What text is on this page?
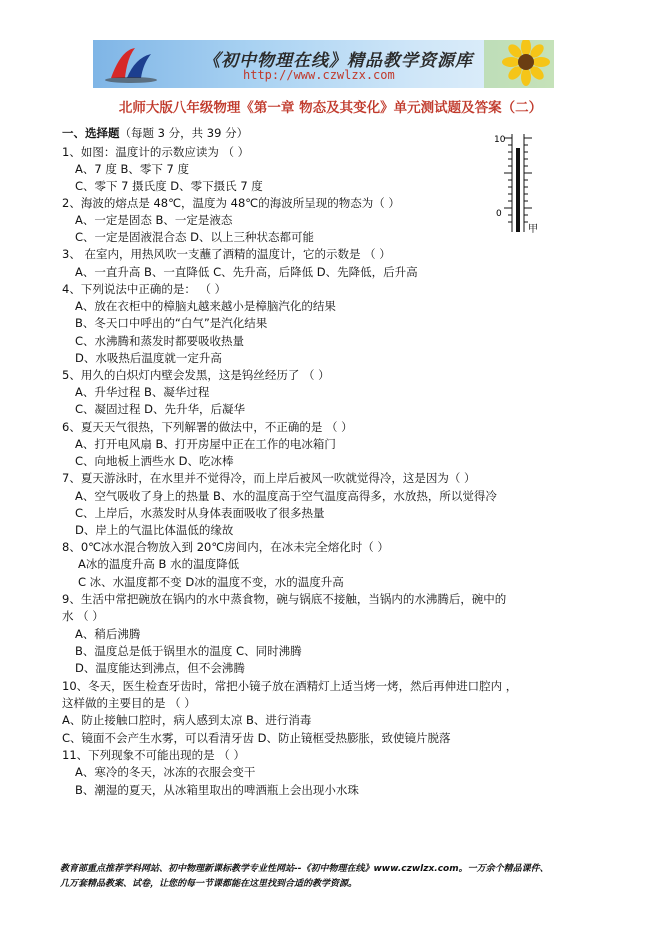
《初中物理在线》精品教学资源库
http://www.czwlzx.com
北师大版八年级物理《第一章 物态及其变化》单元测试题及答案（二）
一、选择题（每题 3 分，共 39 分）	10
0
甲
1、如图：温度计的示数应读为 （ ）
A、7 度 B、零下 7 度
C、零下 7 摄氏度 D、零下摄氏 7 度
2、海波的熔点是 48℃，温度为 48℃的海波所呈现的物态为（ ）
A、一定是固态 B、一定是液态
C、一定是固液混合态 D、以上三种状态都可能
3、 在室内，用热风吹一支蘸了酒精的温度计，它的示数是 （ ）
A、一直升高 B、一直降低 C、先升高，后降低 D、先降低，后升高
4、下列说法中正确的是： （ ）
A、放在衣柜中的樟脑丸越来越小是樟脑汽化的结果
B、冬天口中呼出的“白气”是汽化结果
C、水沸腾和蒸发时都要吸收热量
D、水吸热后温度就一定升高
5、用久的白炽灯内壁会发黑，这是钨丝经历了 （ ）
A、升华过程 B、凝华过程
C、凝固过程 D、先升华，后凝华
6、夏天天气很热，下列解署的做法中，不正确的是 （ ）
A、打开电风扇 B、打开房屋中正在工作的电冰箱门
C、向地板上洒些水 D、吃冰棒
7、夏天游泳时，在水里并不觉得冷，而上岸后被风一吹就觉得冷，这是因为（ ）
A、空气吸收了身上的热量 B、水的温度高于空气温度高得多，水放热，所以觉得冷
C、上岸后，水蒸发时从身体表面吸收了很多热量
D、岸上的气温比体温低的缘故
8、0℃冰水混合物放入到 20℃房间内，在冰未完全熔化时（ ）
A冰的温度升高 B 水的温度降低
C 冰、水温度都不变 D冰的温度不变，水的温度升高
9、生活中常把碗放在锅内的水中蒸食物，碗与锅底不接触，当锅内的水沸腾后，碗中的
水 （ ）
A、稍后沸腾
B、温度总是低于锅里水的温度 C、同时沸腾
D、温度能达到沸点，但不会沸腾
10、冬天，医生检查牙齿时，常把小镜子放在酒精灯上适当烤一烤，然后再伸进口腔内 ，
这样做的主要目的是 （ ）
A、防止接触口腔时，病人感到太凉 B、进行消毒
C、镜面不会产生水雾，可以看清牙齿 D、防止镜框受热膨胀，致使镜片脱落
11、下列现象不可能出现的是 （ ）
A、寒冷的冬天，冰冻的衣服会变干
B、潮湿的夏天，从冰箱里取出的啤酒瓶上会出现小水珠
教育部重点推荐学科网站、初中物理新课标教学专业性网站--《初中物理在线》www.czwlzx.com。一万余个精品课件、
几万套精品教案、试卷，让您的每一节课都能在这里找到合适的教学资源。
